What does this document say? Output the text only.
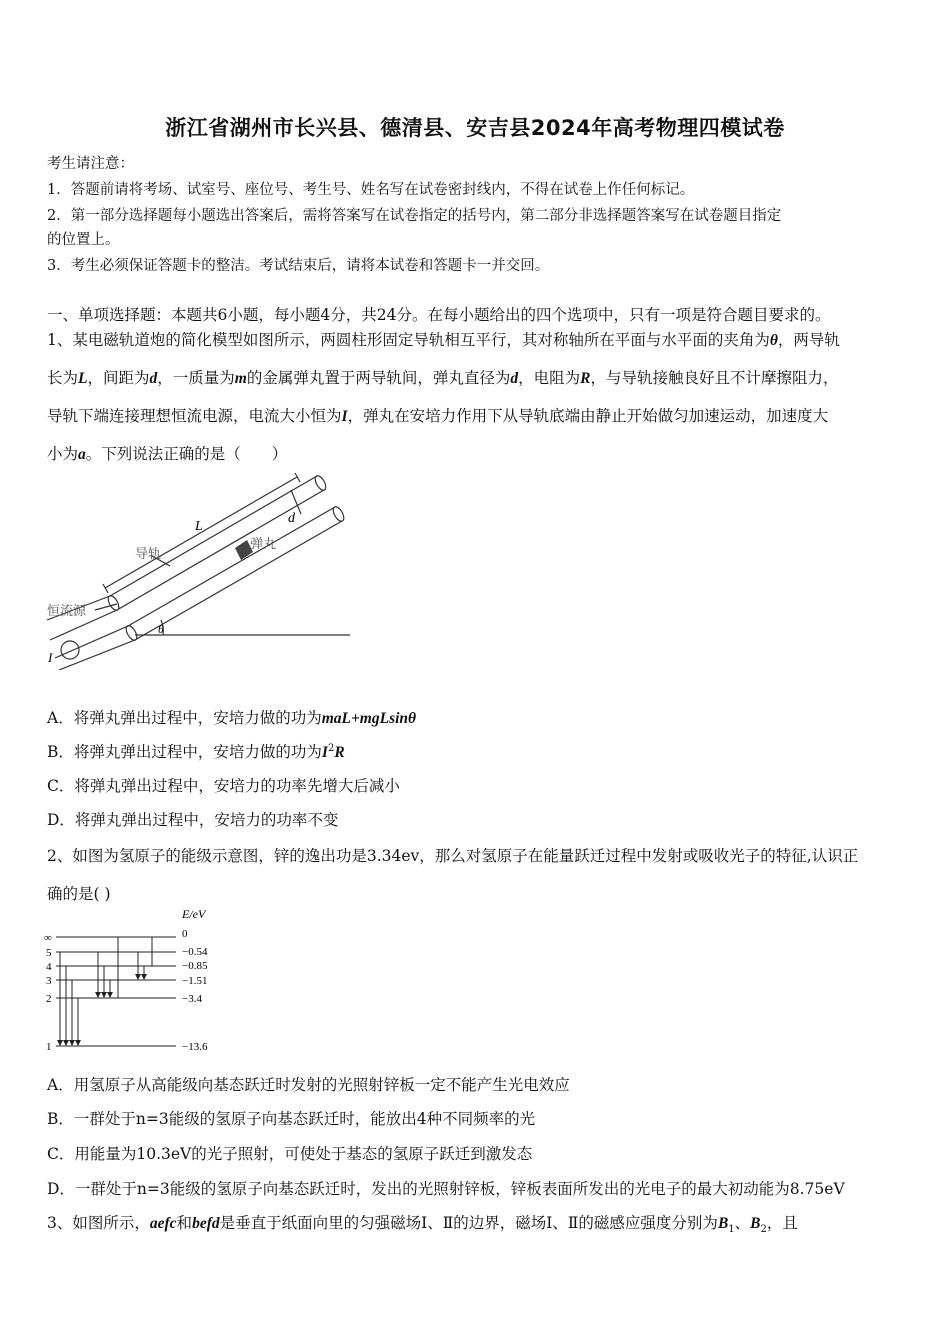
浙江省湖州市长兴县、德清县、安吉县2024年高考物理四模试卷
考生请注意：
1．答题前请将考场、试室号、座位号、考生号、姓名写在试卷密封线内，不得在试卷上作任何标记。
2．第一部分选择题每小题选出答案后，需将答案写在试卷指定的括号内，第二部分非选择题答案写在试卷题目指定
的位置上。
3．考生必须保证答题卡的整洁。考试结束后，请将本试卷和答题卡一并交回。
一、单项选择题：本题共6小题，每小题4分，共24分。在每小题给出的四个选项中，只有一项是符合题目要求的。
1、某电磁轨道炮的简化模型如图所示，两圆柱形固定导轨相互平行，其对称轴所在平面与水平面的夹角为θ，两导轨
长为L，间距为d，一质量为m的金属弹丸置于两导轨间，弹丸直径为d，电阻为R，与导轨接触良好且不计摩擦阻力，
导轨下端连接理想恒流电源，电流大小恒为I，弹丸在安培力作用下从导轨底端由静止开始做匀加速运动，加速度大
小为a。下列说法正确的是（　　）
L
d
导轨
弹丸
恒流源
θ
I
A．将弹丸弹出过程中，安培力做的功为maL+mgLsinθ
B．将弹丸弹出过程中，安培力做的功为$I^2R$
C．将弹丸弹出过程中，安培力的功率先增大后减小
D．将弹丸弹出过程中，安培力的功率不变
2、如图为氢原子的能级示意图，锌的逸出功是3.34ev，那么对氢原子在能量跃迁过程中发射或吸收光子的特征,认识正
确的是( )
E/eV
∞
5
4
3
2
1
0
−0.54
−0.85
−1.51
−3.4
−13.6
A．用氢原子从高能级向基态跃迁时发射的光照射锌板一定不能产生光电效应
B．一群处于n=3能级的氢原子向基态跃迁时，能放出4种不同频率的光
C．用能量为10.3eV的光子照射，可使处于基态的氢原子跃迁到激发态
D．一群处于n=3能级的氢原子向基态跃迁时，发出的光照射锌板，锌板表面所发出的光电子的最大初动能为8.75eV
3、如图所示，aefc和befd是垂直于纸面向里的匀强磁场Ⅰ、Ⅱ的边界，磁场Ⅰ、Ⅱ的磁感应强度分别为$B_1$、$B_2$，且
